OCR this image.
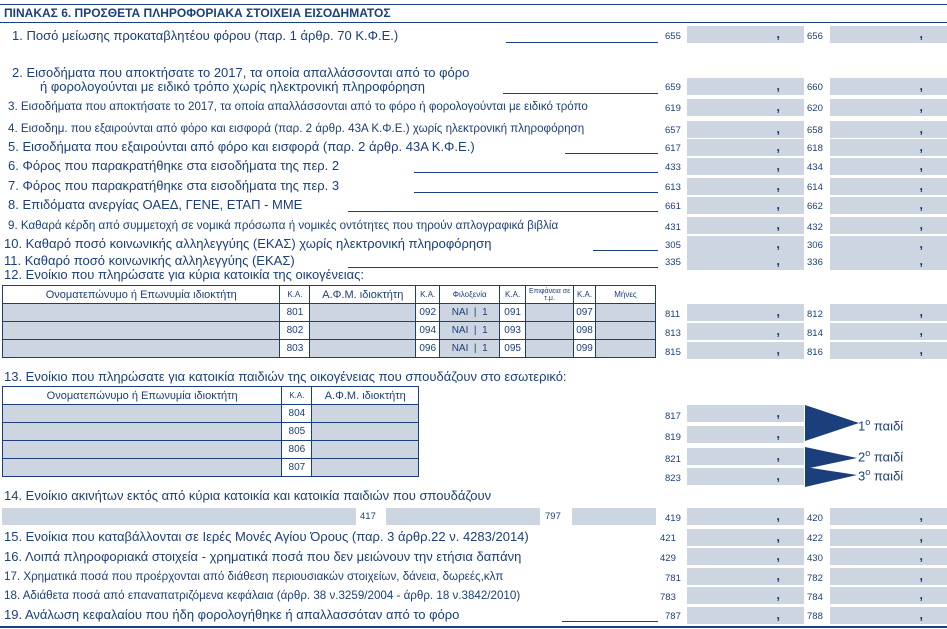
ΠΙΝΑΚΑΣ 6. ΠΡΟΣΘΕΤΑ ΠΛΗΡΟΦΟΡΙΑΚΑ ΣΤΟΙΧΕΙΑ ΕΙΣΟΔΗΜΑΤΟΣ
1. Ποσό μείωσης προκαταβλητέου φόρου (παρ. 1 άρθρ. 70 Κ.Φ.Ε.)	655	,	656	,
2. Εισοδήματα που αποκτήσατε το 2017, τα οποία απαλλάσσονται από το φόρο
ή φορολογούνται με ειδικό τρόπο χωρίς ηλεκτρονική πληροφόρηση	659	,	660	,
3. Εισοδήματα που αποκτήσατε το 2017, τα οποία απαλλάσσονται από το φόρο ή φορολογούνται με ειδικό τρόπο	619	,	620	,
4. Εισοδημ. που εξαιρούνται από φόρο και εισφορά (παρ. 2 άρθρ. 43Α Κ.Φ.Ε.) χωρίς ηλεκτρονική πληροφόρηση	657	,	658	,
5. Εισοδήματα που εξαιρούνται από φόρο και εισφορά (παρ. 2 άρθρ. 43Α Κ.Φ.Ε.)	617	,	618	,
6. Φόρος που παρακρατήθηκε στα εισοδήματα της περ. 2	433	,	434	,
7. Φόρος που παρακρατήθηκε στα εισοδήματα της περ. 3	613	,	614	,
8. Επιδόματα ανεργίας ΟΑΕΔ, ΓΕΝΕ, ΕΤΑΠ - ΜΜΕ	661	,	662	,
9. Καθαρά κέρδη από συμμετοχή σε νομικά πρόσωπα ή νομικές οντότητες που τηρούν απλογραφικά βιβλία	431	,	432	,
10. Καθαρό ποσό κοινωνικής αλληλεγγύης (ΕΚΑΣ) χωρίς ηλεκτρονική πληροφόρηση	305	,	306	,
11. Καθαρό ποσό κοινωνικής αλληλεγγύης (ΕΚΑΣ)	335	,	336	,
12. Ενοίκιο που πληρώσατε για κύρια κατοικία της οικογένειας:
Ονοματεπώνυμο ή Επωνυμία ιδιοκτήτη	Κ.Α.	Α.Φ.Μ. ιδιοκτήτη	Κ.Α.	Φιλοξενία	Κ.Α.	Επιφάνεια σε τ.μ.	Κ.Α.	Μήνες
	801		092	ΝΑΙ  |  1	091		097	
	802		094	ΝΑΙ  |  1	093		098	
	803		096	ΝΑΙ  |  1	095		099	
811	,	812	,
813	,	814	,
815	,	816	,
13. Ενοίκιο που πληρώσατε για κατοικία παιδιών της οικογένειας που σπουδάζουν στο εσωτερικό:
Ονοματεπώνυμο ή Επωνυμία ιδιοκτήτη	Κ.Α.	Α.Φ.Μ. ιδιοκτήτη
	804	
	805	
	806	
	807	
817	,
819	,
821	,
823	,
$1^o$ παιδί
$2^o$ παιδί
$3^o$ παιδί
14. Ενοίκιο ακινήτων εκτός από κύρια κατοικία και κατοικία παιδιών που σπουδάζουν
417	797	419	,	420	,
15. Ενοίκια που καταβάλλονται σε Ιερές Μονές Αγίου Όρους (παρ. 3 άρθρ.22 ν. 4283/2014)	421	,	422	,
16. Λοιπά πληροφοριακά στοιχεία - χρηματικά ποσά που δεν μειώνουν την ετήσια δαπάνη	429	,	430	,
17. Χρηματικά ποσά που προέρχονται από διάθεση περιουσιακών στοιχείων, δάνεια, δωρεές,κλπ	781	,	782	,
18. Αδιάθετα ποσά από επαναπατριζόμενα κεφάλαια (άρθρ. 38 ν.3259/2004 - άρθρ. 18 ν.3842/2010)	783	,	784	,
19. Ανάλωση κεφαλαίου που ήδη φορολογήθηκε ή απαλλασσόταν από το φόρο	787	,	788	,
